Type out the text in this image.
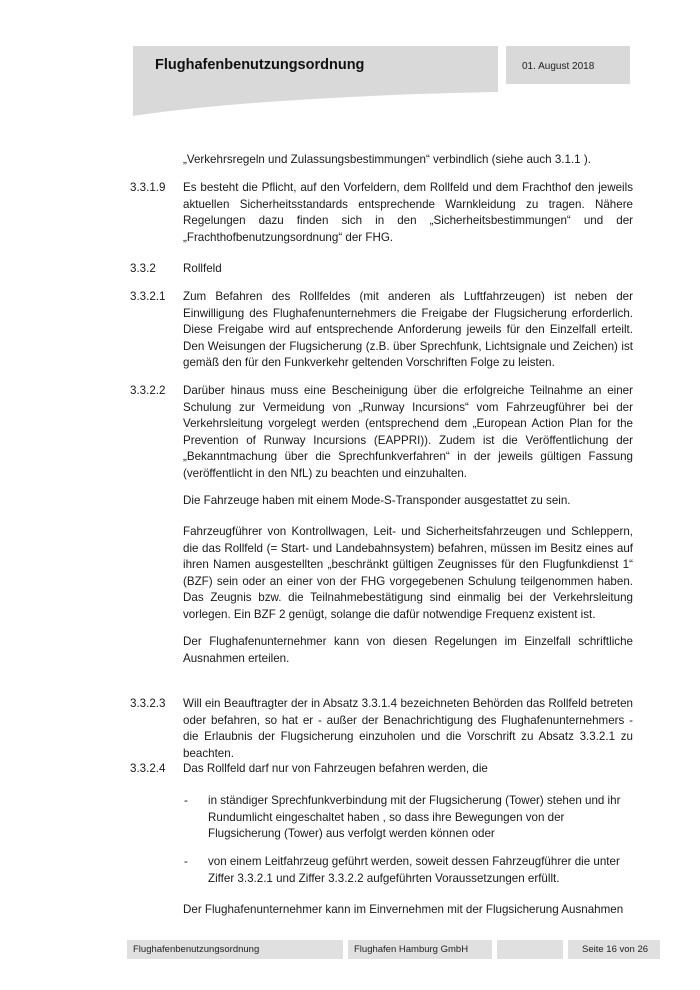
Flughafenbenutzungsordnung	01. August 2018
„Verkehrsregeln und Zulassungsbestimmungen“ verbindlich (siehe auch 3.1.1 ).
3.3.1.9 Es besteht die Pflicht, auf den Vorfeldern, dem Rollfeld und dem Frachthof den jeweils aktuellen Sicherheitsstandards entsprechende Warnkleidung zu tragen. Nähere Regelungen dazu finden sich in den „Sicherheitsbestimmungen“ und der „Frachthofbenutzungsordnung“ der FHG.
3.3.2 Rollfeld
3.3.2.1 Zum Befahren des Rollfeldes (mit anderen als Luftfahrzeugen) ist neben der Einwilligung des Flughafenunternehmers die Freigabe der Flugsicherung erforderlich. Diese Freigabe wird auf entsprechende Anforderung jeweils für den Einzelfall erteilt. Den Weisungen der Flugsicherung (z.B. über Sprechfunk, Lichtsignale und Zeichen) ist gemäß den für den Funkverkehr geltenden Vorschriften Folge zu leisten.
3.3.2.2 Darüber hinaus muss eine Bescheinigung über die erfolgreiche Teilnahme an einer Schulung zur Vermeidung von „Runway Incursions“ vom Fahrzeugführer bei der Verkehrsleitung vorgelegt werden (entsprechend dem „European Action Plan for the Prevention of Runway Incursions (EAPPRI)). Zudem ist die Veröffentlichung der „Bekanntmachung über die Sprechfunkverfahren“ in der jeweils gültigen Fassung (veröffentlicht in den NfL) zu beachten und einzuhalten.
Die Fahrzeuge haben mit einem Mode-S-Transponder ausgestattet zu sein.
Fahrzeugführer von Kontrollwagen, Leit- und Sicherheitsfahrzeugen und Schleppern, die das Rollfeld (= Start- und Landebahnsystem) befahren, müssen im Besitz eines auf ihren Namen ausgestellten „beschränkt gültigen Zeugnisses für den Flugfunkdienst 1“ (BZF) sein oder an einer von der FHG vorgegebenen Schulung teilgenommen haben. Das Zeugnis bzw. die Teilnahmebestätigung sind einmalig bei der Verkehrsleitung vorlegen. Ein BZF 2 genügt, solange die dafür notwendige Frequenz existent ist.
Der Flughafenunternehmer kann von diesen Regelungen im Einzelfall schriftliche Ausnahmen erteilen.
3.3.2.3 Will ein Beauftragter der in Absatz 3.3.1.4 bezeichneten Behörden das Rollfeld betreten oder befahren, so hat er - außer der Benachrichtigung des Flughafenunternehmers - die Erlaubnis der Flugsicherung einzuholen und die Vorschrift zu Absatz 3.3.2.1 zu beachten.
3.3.2.4 Das Rollfeld darf nur von Fahrzeugen befahren werden, die
- in ständiger Sprechfunkverbindung mit der Flugsicherung (Tower) stehen und ihr Rundumlicht eingeschaltet haben , so dass ihre Bewegungen von der Flugsicherung (Tower) aus verfolgt werden können oder
- von einem Leitfahrzeug geführt werden, soweit dessen Fahrzeugführer die unter Ziffer 3.3.2.1 und Ziffer 3.3.2.2 aufgeführten Voraussetzungen erfüllt.
Der Flughafenunternehmer kann im Einvernehmen mit der Flugsicherung Ausnahmen
Flughafenbenutzungsordnung	Flughafen Hamburg GmbH	Seite 16 von 26
